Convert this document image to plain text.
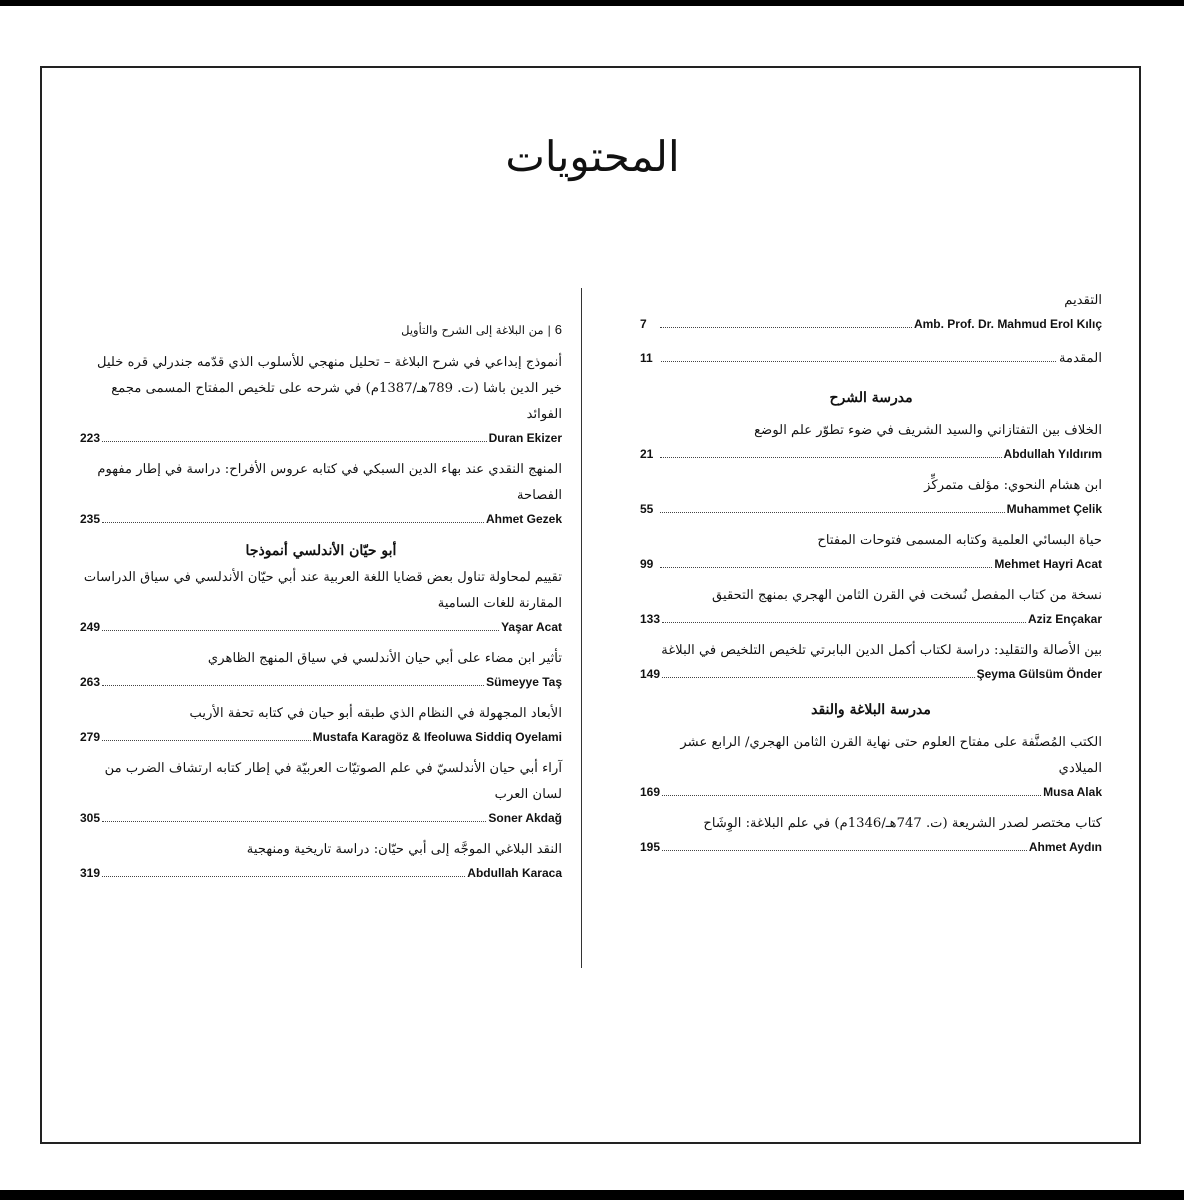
المحتويات
التقديم
Amb. Prof. Dr. Mahmud Erol Kılıç
7
المقدمة
11
مدرسة الشرح
الخلاف بين التفتازاني والسيد الشريف في ضوء تطوّر علم الوضع
Abdullah Yıldırım
21
ابن هشام النحوي: مؤلف متمركِّز
Muhammet Çelik
55
حياة البسائي العلمية وكتابه المسمى فتوحات المفتاح
Mehmet Hayri Acat
99
نسخة من كتاب المفصل نُسخت في القرن الثامن الهجري بمنهج التحقيق
Aziz Ençakar
133
بين الأصالة والتقليد: دراسة لكتاب أكمل الدين البابرتي تلخيص التلخيص في البلاغة
Şeyma Gülsüm Önder
149
مدرسة البلاغة والنقد
الكتب المُصنَّفة على مفتاح العلوم حتى نهاية القرن الثامن الهجري/ الرابع عشر الميلادي
Musa Alak
169
كتاب مختصر لصدر الشريعة (ت. 747هـ/1346م) في علم البلاغة: الوِشَاح
Ahmet Aydın
195
6 | من البلاغة إلى الشرح والتأويل
أنموذج إبداعي في شرح البلاغة – تحليل منهجي للأسلوب الذي قدّمه جندرلي قره خليل خير الدين باشا (ت. 789هـ/1387م) في شرحه على تلخيص المفتاح المسمى مجمع الفوائد
Duran Ekizer
223
المنهج النقدي عند بهاء الدين السبكي في كتابه عروس الأفراح: دراسة في إطار مفهوم الفصاحة
Ahmet Gezek
235
أبو حيّان الأندلسي أنموذجا
تقييم لمحاولة تناول بعض قضايا اللغة العربية عند أبي حيّان الأندلسي في سياق الدراسات المقارنة للغات السامية
Yaşar Acat
249
تأثير ابن مضاء على أبي حيان الأندلسي في سياق المنهج الظاهري
Sümeyye Taş
263
الأبعاد المجهولة في النظام الذي طبقه أبو حيان في كتابه تحفة الأريب
Mustafa Karagöz & Ifeoluwa Siddiq Oyelami
279
آراء أبي حيان الأندلسيّ في علم الصوتيّات العربيّة في إطار كتابه ارتشاف الضرب من لسان العرب
Soner Akdağ
305
النقد البلاغي الموجَّه إلى أبي حيّان: دراسة تاريخية ومنهجية
Abdullah Karaca
319
